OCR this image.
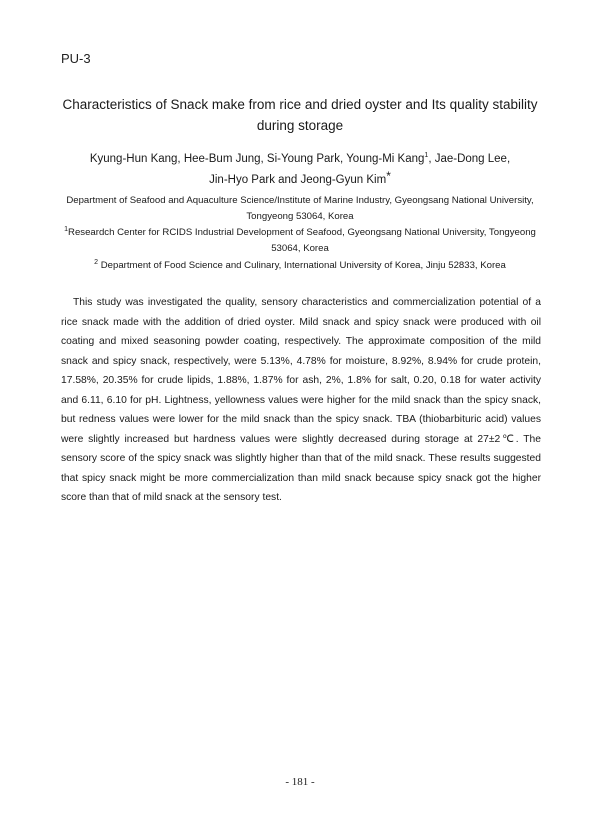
PU-3
Characteristics of Snack make from rice and dried oyster and Its quality stability during storage
Kyung-Hun Kang, Hee-Bum Jung, Si-Young Park, Young-Mi Kang$^1$, Jae-Dong Lee,
Jin-Hyo Park and Jeong-Gyun Kim*
Department of Seafood and Aquaculture Science/Institute of Marine Industry, Gyeongsang National University, Tongyeong 53064, Korea
$^1$Researdch Center for RCIDS Industrial Development of Seafood, Gyeongsang National University, Tongyeong 53064, Korea
$^2$ Department of Food Science and Culinary, International University of Korea, Jinju 52833, Korea

This study was investigated the quality, sensory characteristics and commercialization potential of a rice snack made with the addition of dried oyster. Mild snack and spicy snack were produced with oil coating and mixed seasoning powder coating, respectively. The approximate composition of the mild snack and spicy snack, respectively, were 5.13%, 4.78% for moisture, 8.92%, 8.94% for crude protein, 17.58%, 20.35% for crude lipids, 1.88%, 1.87% for ash, 2%, 1.8% for salt, 0.20, 0.18 for water activity and 6.11, 6.10 for pH. Lightness, yellowness values were higher for the mild snack than the spicy snack, but redness values were lower for the mild snack than the spicy snack. TBA (thiobarbituric acid) values were slightly increased but hardness values were slightly decreased during storage at 27±2℃. The sensory score of the spicy snack was slightly higher than that of the mild snack. These results suggested that spicy snack might be more commercialization than mild snack because spicy snack got the higher score than that of mild snack at the sensory test.

- 181 -
